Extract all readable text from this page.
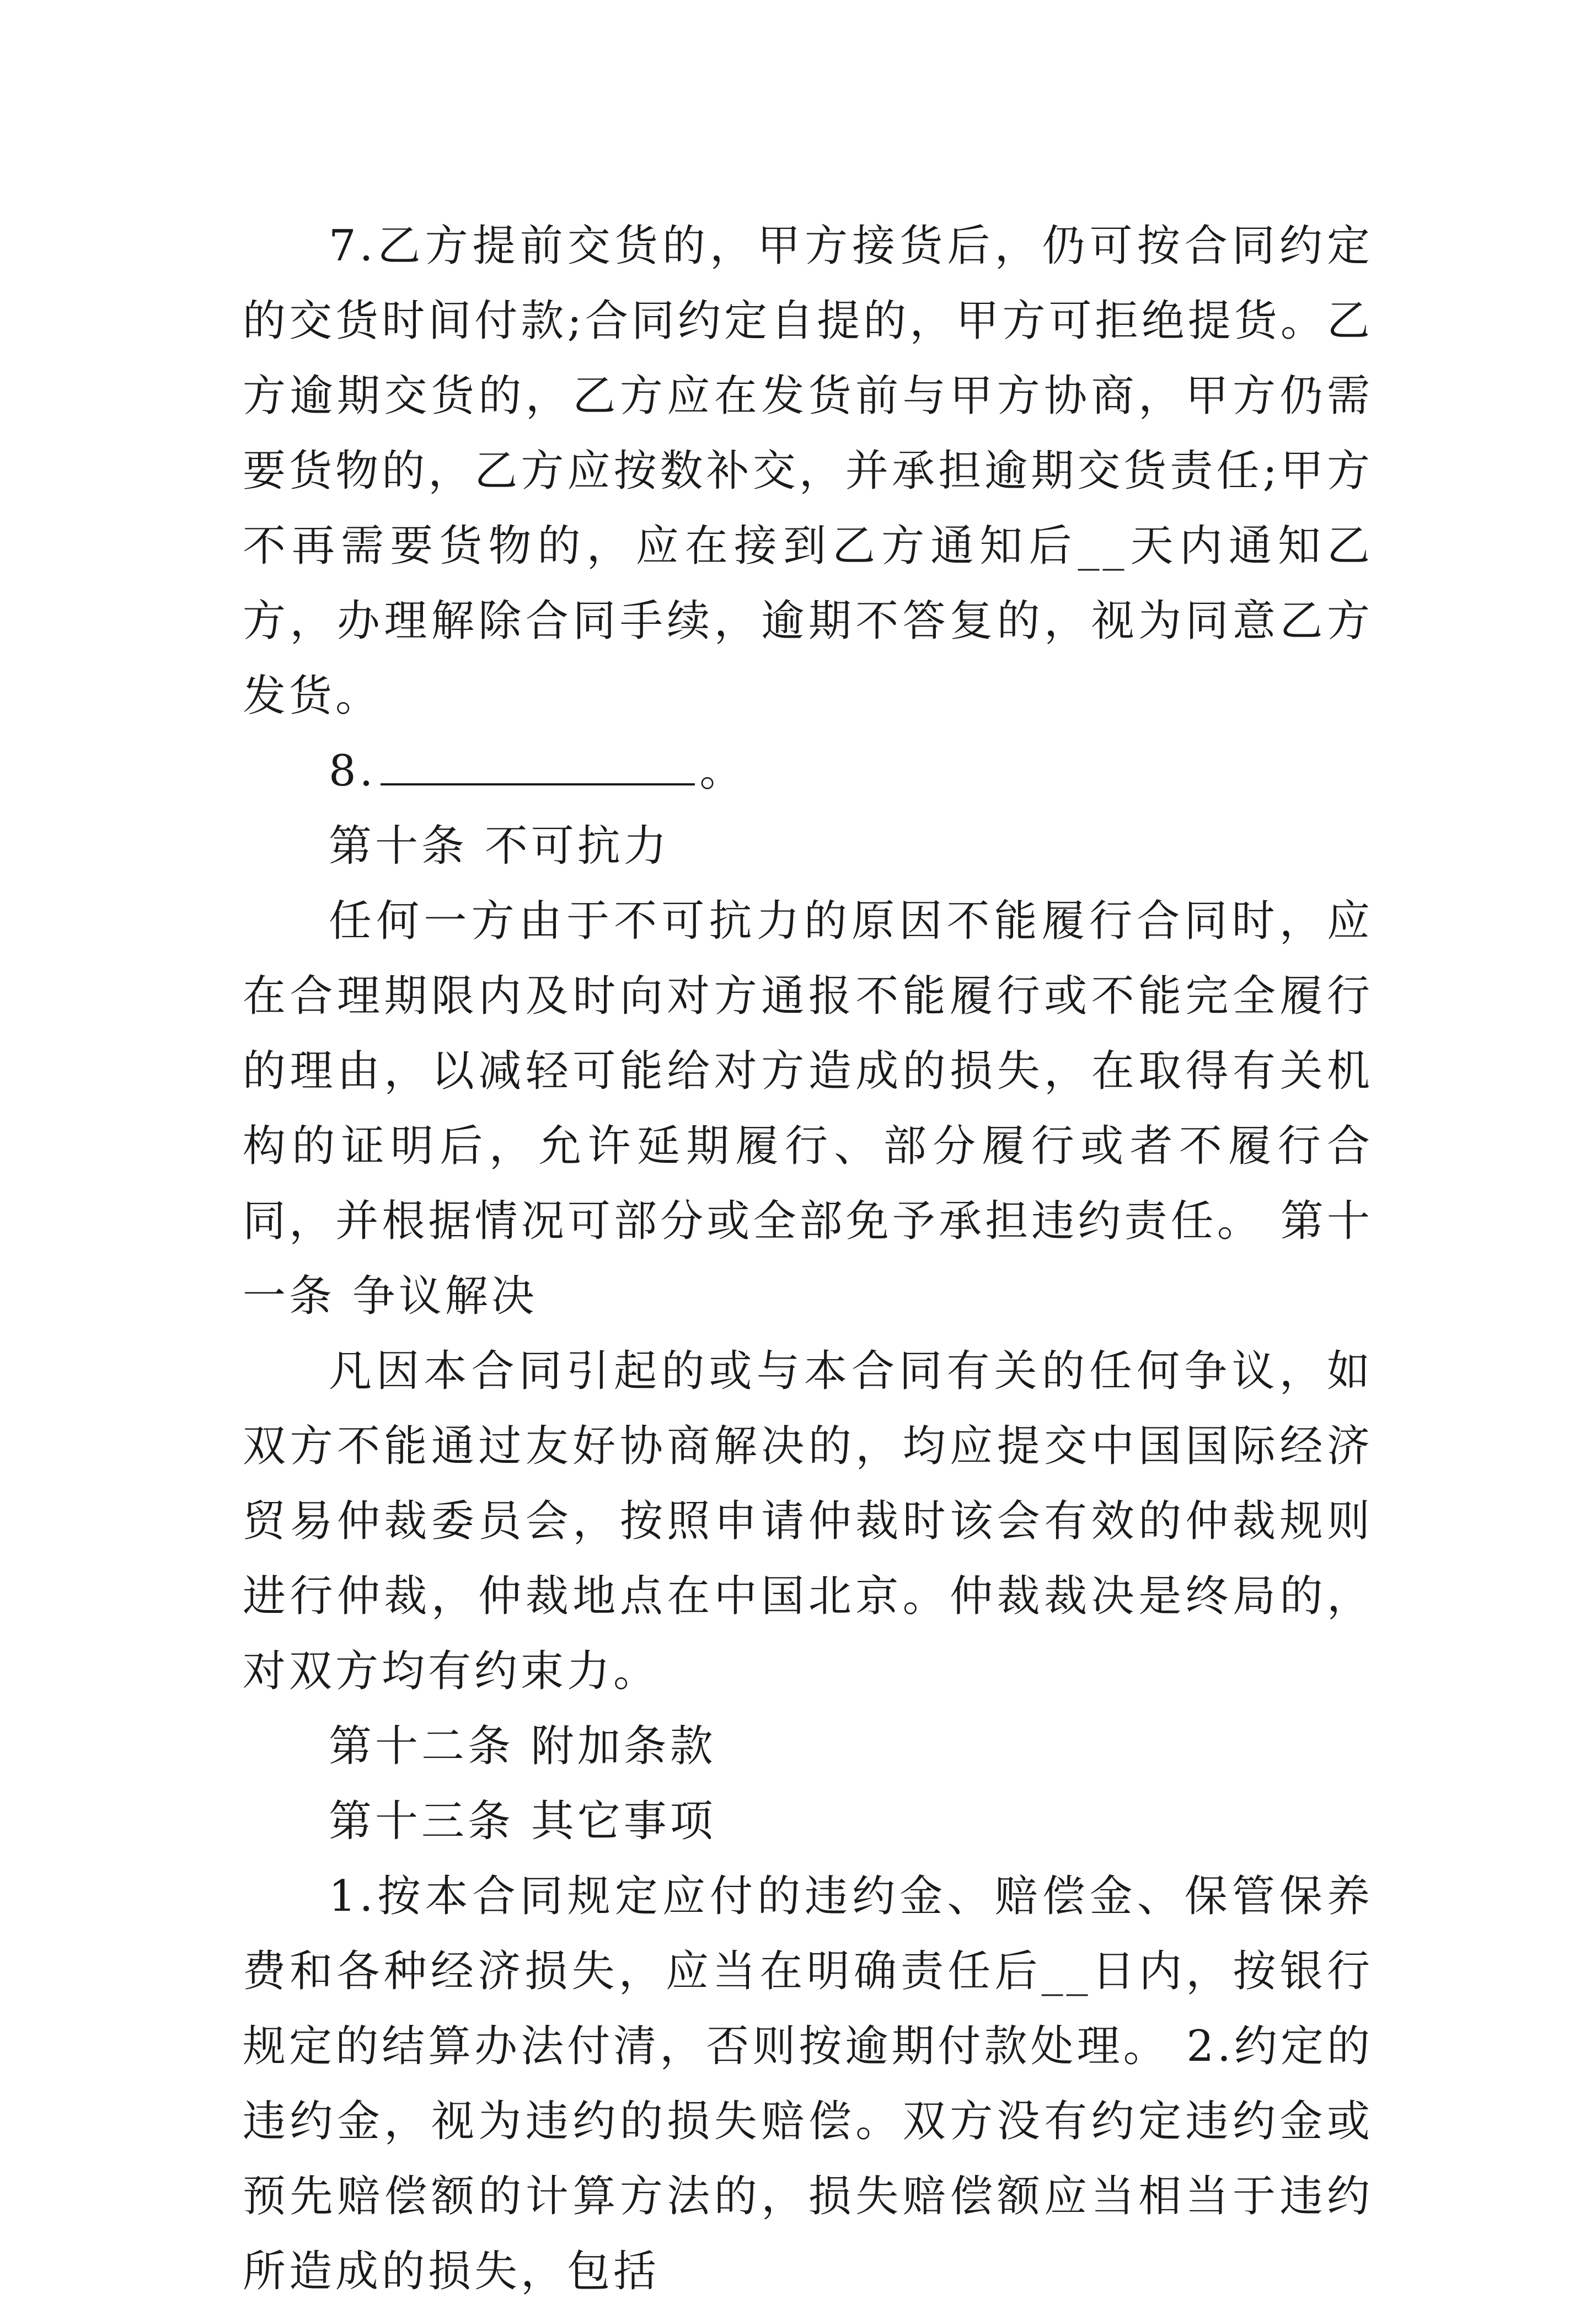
7.乙方提前交货的，甲方接货后，仍可按合同约定的交货时间付款;合同约定自提的，甲方可拒绝提货。乙方逾期交货的，乙方应在发货前与甲方协商，甲方仍需要货物的，乙方应按数补交，并承担逾期交货责任;甲方不再需要货物的，应在接到乙方通知后__天内通知乙方，办理解除合同手续，逾期不答复的，视为同意乙方发货。

8.	。

第十条 不可抗力

任何一方由于不可抗力的原因不能履行合同时，应在合理期限内及时向对方通报不能履行或不能完全履行的理由，以减轻可能给对方造成的损失，在取得有关机构的证明后，允许延期履行、部分履行或者不履行合同，并根据情况可部分或全部免予承担违约责任。 第十一条 争议解决

凡因本合同引起的或与本合同有关的任何争议，如双方不能通过友好协商解决的，均应提交中国国际经济贸易仲裁委员会，按照申请仲裁时该会有效的仲裁规则进行仲裁，仲裁地点在中国北京。仲裁裁决是终局的，对双方均有约束力。

第十二条 附加条款

第十三条 其它事项

1.按本合同规定应付的违约金、赔偿金、保管保养费和各种经济损失，应当在明确责任后__日内，按银行规定的结算办法付清，否则按逾期付款处理。 2.约定的违约金，视为违约的损失赔偿。双方没有约定违约金或预先赔偿额的计算方法的，损失赔偿额应当相当于违约所造成的损失，包括
